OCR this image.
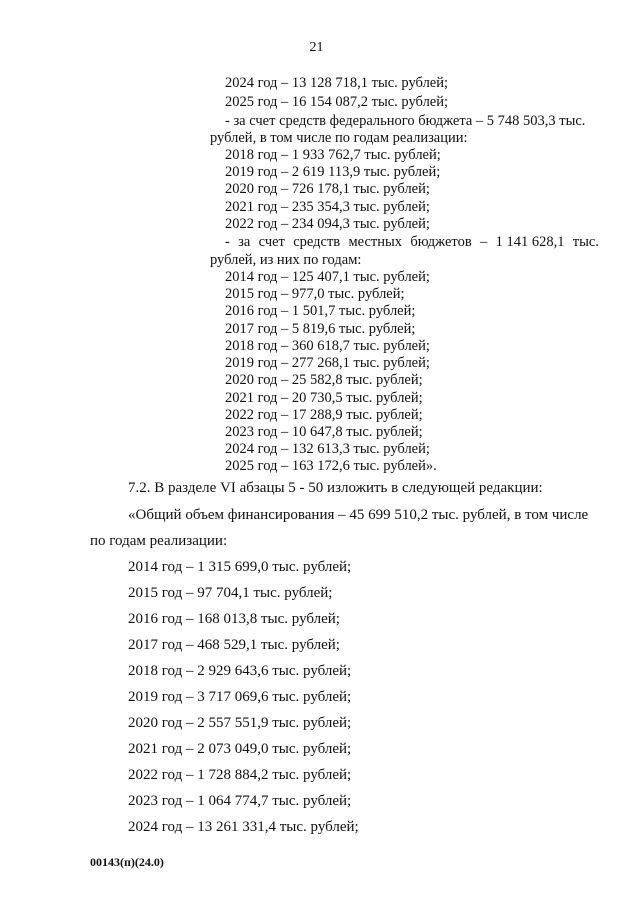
21
2024 год – 13 128 718,1 тыс. рублей;
2025 год – 16 154 087,2 тыс. рублей;
- за счет средств федерального бюджета – 5 748 503,3 тыс.
рублей, в том числе по годам реализации:
2018 год – 1 933 762,7 тыс. рублей;
2019 год – 2 619 113,9 тыс. рублей;
2020 год – 726 178,1 тыс. рублей;
2021 год – 235 354,3 тыс. рублей;
2022 год – 234 094,3 тыс. рублей;
- за счет средств местных бюджетов – 1 141 628,1 тыс.
рублей, из них по годам:
2014 год – 125 407,1 тыс. рублей;
2015 год – 977,0 тыс. рублей;
2016 год – 1 501,7 тыс. рублей;
2017 год – 5 819,6 тыс. рублей;
2018 год – 360 618,7 тыс. рублей;
2019 год – 277 268,1 тыс. рублей;
2020 год – 25 582,8 тыс. рублей;
2021 год – 20 730,5 тыс. рублей;
2022 год – 17 288,9 тыс. рублей;
2023 год – 10 647,8 тыс. рублей;
2024 год – 132 613,3 тыс. рублей;
2025 год – 163 172,6 тыс. рублей».
7.2. В разделе VI абзацы 5 - 50 изложить в следующей редакции:
«Общий объем финансирования – 45 699 510,2 тыс. рублей, в том числе
по годам реализации:
2014 год – 1 315 699,0 тыс. рублей;
2015 год – 97 704,1 тыс. рублей;
2016 год – 168 013,8 тыс. рублей;
2017 год – 468 529,1 тыс. рублей;
2018 год – 2 929 643,6 тыс. рублей;
2019 год – 3 717 069,6 тыс. рублей;
2020 год – 2 557 551,9 тыс. рублей;
2021 год – 2 073 049,0 тыс. рублей;
2022 год – 1 728 884,2 тыс. рублей;
2023 год – 1 064 774,7 тыс. рублей;
2024 год – 13 261 331,4 тыс. рублей;
00143(п)(24.0)
